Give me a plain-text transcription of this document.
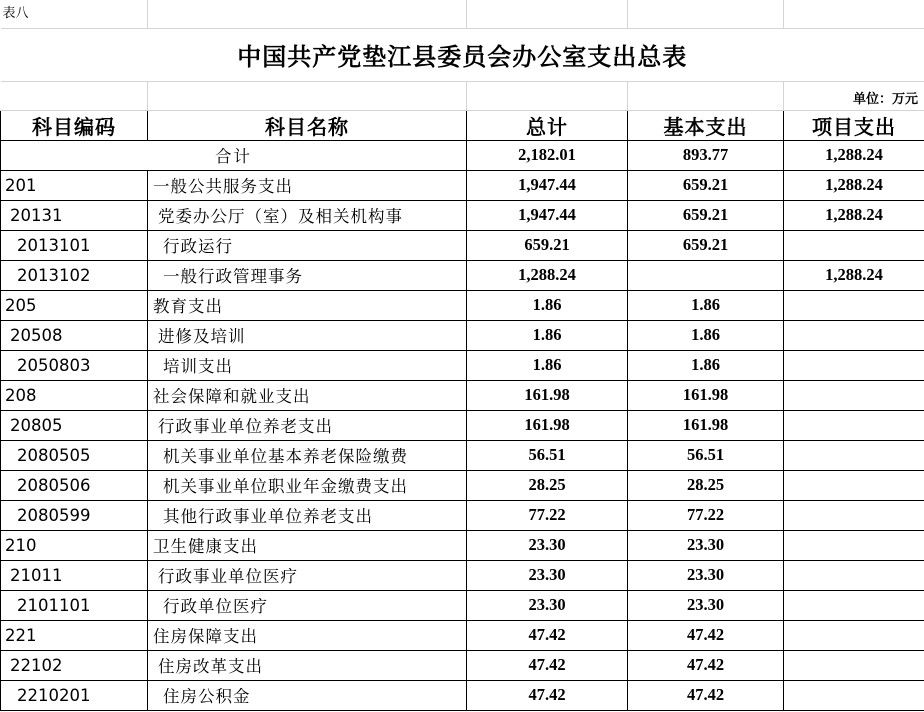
表八				
中国共产党垫江县委员会办公室支出总表				
				单位：万元
科目编码	科目名称	总计	基本支出	项目支出
合计		2,182.01	893.77	1,288.24
201	一般公共服务支出	1,947.44	659.21	1,288.24
20131	党委办公厅（室）及相关机构事	1,947.44	659.21	1,288.24
2013101	行政运行	659.21	659.21	
2013102	一般行政管理事务	1,288.24		1,288.24
205	教育支出	1.86	1.86	
20508	进修及培训	1.86	1.86	
2050803	培训支出	1.86	1.86	
208	社会保障和就业支出	161.98	161.98	
20805	行政事业单位养老支出	161.98	161.98	
2080505	机关事业单位基本养老保险缴费	56.51	56.51	
2080506	机关事业单位职业年金缴费支出	28.25	28.25	
2080599	其他行政事业单位养老支出	77.22	77.22	
210	卫生健康支出	23.30	23.30	
21011	行政事业单位医疗	23.30	23.30	
2101101	行政单位医疗	23.30	23.30	
221	住房保障支出	47.42	47.42	
22102	住房改革支出	47.42	47.42	
2210201	住房公积金	47.42	47.42	
